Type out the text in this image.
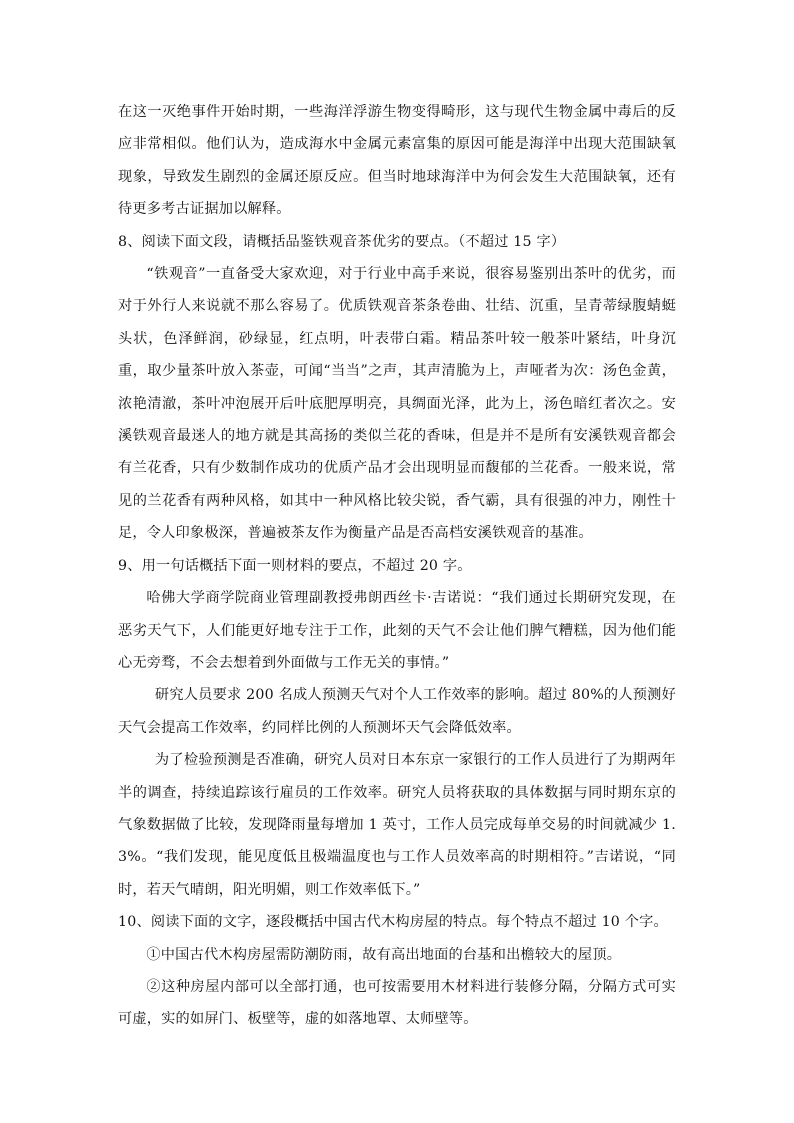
在这一灭绝事件开始时期，一些海洋浮游生物变得畸形，这与现代生物金属中毒后的反应非常相似。他们认为，造成海水中金属元素富集的原因可能是海洋中出现大范围缺氧现象，导致发生剧烈的金属还原反应。但当时地球海洋中为何会发生大范围缺氧，还有待更多考古证据加以解释。

8、阅读下面文段，请概括品鉴铁观音茶优劣的要点。（不超过 15 字）

“铁观音”一直备受大家欢迎，对于行业中高手来说，很容易鉴别出茶叶的优劣，而对于外行人来说就不那么容易了。优质铁观音茶条卷曲、壮结、沉重，呈青蒂绿腹蜻蜓头状，色泽鲜润，砂绿显，红点明，叶表带白霜。精品茶叶较一般茶叶紧结，叶身沉重，取少量茶叶放入茶壶，可闻“当当”之声，其声清脆为上，声哑者为次：汤色金黄，浓艳清澈，茶叶冲泡展开后叶底肥厚明亮，具绸面光泽，此为上，汤色暗红者次之。安溪铁观音最迷人的地方就是其高扬的类似兰花的香味，但是并不是所有安溪铁观音都会有兰花香，只有少数制作成功的优质产品才会出现明显而馥郁的兰花香。一般来说，常见的兰花香有两种风格，如其中一种风格比较尖锐，香气霸，具有很强的冲力，刚性十足，令人印象极深，普遍被茶友作为衡量产品是否高档安溪铁观音的基准。

9、用一句话概括下面一则材料的要点，不超过 20 字。

哈佛大学商学院商业管理副教授弗朗西丝卡·吉诺说：“我们通过长期研究发现，在恶劣天气下，人们能更好地专注于工作，此刻的天气不会让他们脾气糟糕，因为他们能心无旁骛，不会去想着到外面做与工作无关的事情。”

研究人员要求 200 名成人预测天气对个人工作效率的影响。超过 80%的人预测好天气会提高工作效率，约同样比例的人预测坏天气会降低效率。

为了检验预测是否准确，研究人员对日本东京一家银行的工作人员进行了为期两年半的调查，持续追踪该行雇员的工作效率。研究人员将获取的具体数据与同时期东京的气象数据做了比较，发现降雨量每增加 1 英寸，工作人员完成每单交易的时间就减少 1.3%。“我们发现，能见度低且极端温度也与工作人员效率高的时期相符。”吉诺说，“同时，若天气晴朗，阳光明媚，则工作效率低下。”

10、阅读下面的文字，逐段概括中国古代木构房屋的特点。每个特点不超过 10 个字。

①中国古代木构房屋需防潮防雨，故有高出地面的台基和出檐较大的屋顶。

②这种房屋内部可以全部打通，也可按需要用木材料进行装修分隔，分隔方式可实可虚，实的如屏门、板壁等，虚的如落地罩、太师壁等。
